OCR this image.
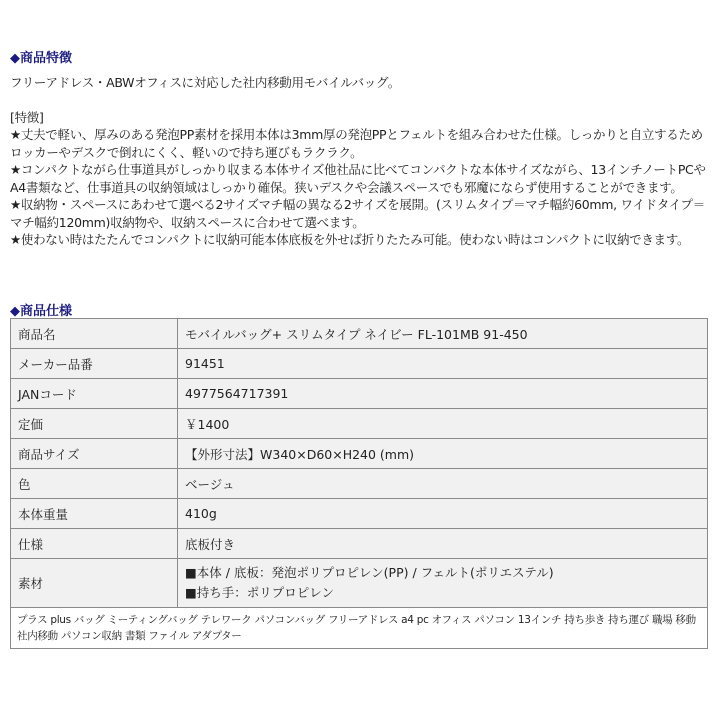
◆商品特徴
フリーアドレス・ABWオフィスに対応した社内移動用モバイルバッグ。
[特徴]
★丈夫で軽い、厚みのある発泡PP素材を採用本体は3mm厚の発泡PPとフェルトを組み合わせた仕様。しっかりと自立するためロッカーやデスクで倒れにくく、軽いので持ち運びもラクラク。
★コンパクトながら仕事道具がしっかり収まる本体サイズ他社品に比べてコンパクトな本体サイズながら、13インチノートPCやA4書類など、仕事道具の収納領域はしっかり確保。狭いデスクや会議スペースでも邪魔にならず使用することができます。
★収納物・スペースにあわせて選べる2サイズマチ幅の異なる2サイズを展開。(スリムタイプ＝マチ幅約60mm, ワイドタイプ＝マチ幅約120mm)収納物や、収納スペースに合わせて選べます。
★使わない時はたたんでコンパクトに収納可能本体底板を外せば折りたたみ可能。使わない時はコンパクトに収納できます。
◆商品仕様
商品名	モバイルバッグ+ スリムタイプ ネイビー FL-101MB 91-450
メーカー品番	91451
JANコード	4977564717391
定価	￥1400
商品サイズ	【外形寸法】W340×D60×H240 (mm)
色	ベージュ
本体重量	410g
仕様	底板付き
素材	■本体 / 底板：発泡ポリプロピレン(PP) / フェルト(ポリエステル)
■持ち手：ポリプロピレン

プラス plus バッグ ミーティングバッグ テレワーク パソコンバッグ フリーアドレス a4 pc オフィス パソコン 13インチ 持ち歩き 持ち運び 職場 移動 社内移動 パソコン収納 書類 ファイル アダプター	
